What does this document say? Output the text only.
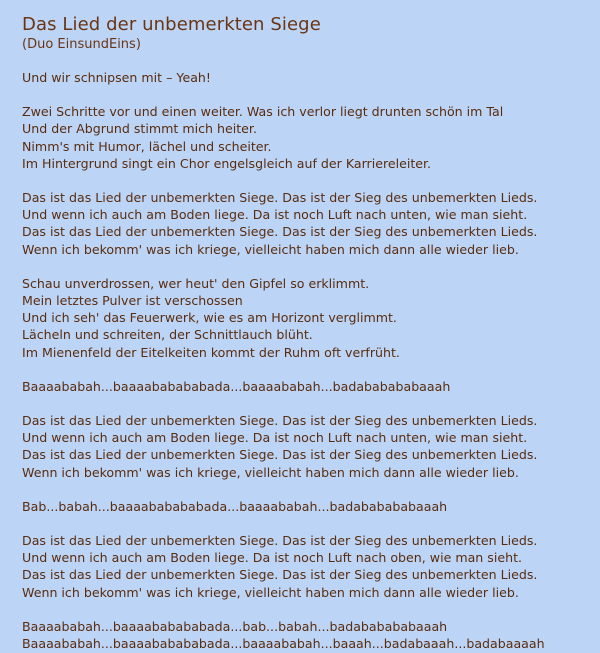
Das Lied der unbemerkten Siege
(Duo EinsundEins)
Und wir schnipsen mit – Yeah!
Zwei Schritte vor und einen weiter. Was ich verlor liegt drunten schön im Tal
Und der Abgrund stimmt mich heiter.
Nimm's mit Humor, lächel und scheiter.
Im Hintergrund singt ein Chor engelsgleich auf der Karriereleiter.
Das ist das Lied der unbemerkten Siege. Das ist der Sieg des unbemerkten Lieds.
Und wenn ich auch am Boden liege. Da ist noch Luft nach unten, wie man sieht.
Das ist das Lied der unbemerkten Siege. Das ist der Sieg des unbemerkten Lieds.
Wenn ich bekomm' was ich kriege, vielleicht haben mich dann alle wieder lieb.
Schau unverdrossen, wer heut' den Gipfel so erklimmt.
Mein letztes Pulver ist verschossen
Und ich seh' das Feuerwerk, wie es am Horizont verglimmt.
Lächeln und schreiten, der Schnittlauch blüht.
Im Mienenfeld der Eitelkeiten kommt der Ruhm oft verfrüht.
Baaaababah...baaaababababada...baaaababah...badababababaaah
Das ist das Lied der unbemerkten Siege. Das ist der Sieg des unbemerkten Lieds.
Und wenn ich auch am Boden liege. Da ist noch Luft nach unten, wie man sieht.
Das ist das Lied der unbemerkten Siege. Das ist der Sieg des unbemerkten Lieds.
Wenn ich bekomm' was ich kriege, vielleicht haben mich dann alle wieder lieb.
Bab...babah...baaaababababada...baaaababah...badababababaaah
Das ist das Lied der unbemerkten Siege. Das ist der Sieg des unbemerkten Lieds.
Und wenn ich auch am Boden liege. Da ist noch Luft nach oben, wie man sieht.
Das ist das Lied der unbemerkten Siege. Das ist der Sieg des unbemerkten Lieds.
Wenn ich bekomm' was ich kriege, vielleicht haben mich dann alle wieder lieb.
Baaaababah...baaaababababada...bab...babah...badababababaaah
Baaaababah...baaaababababada...baaaababah...baaah...badabaaah...badabaaaah
